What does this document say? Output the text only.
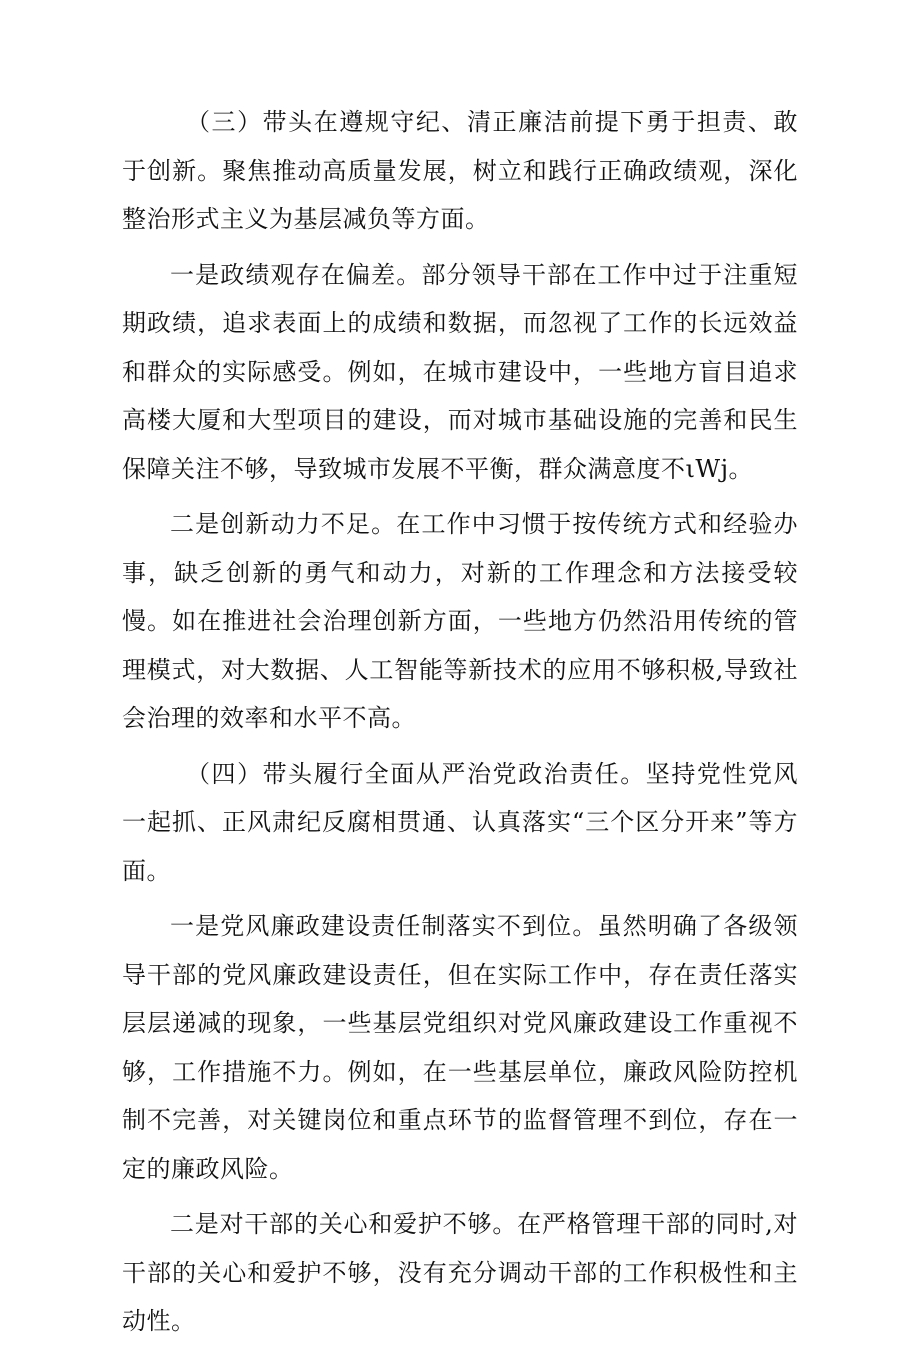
（三）带头在遵规守纪、清正廉洁前提下勇于担责、敢于创新。聚焦推动高质量发展，树立和践行正确政绩观，深化整治形式主义为基层减负等方面。

一是政绩观存在偏差。部分领导干部在工作中过于注重短期政绩，追求表面上的成绩和数据，而忽视了工作的长远效益和群众的实际感受。例如，在城市建设中，一些地方盲目追求高楼大厦和大型项目的建设，而对城市基础设施的完善和民生保障关注不够，导致城市发展不平衡，群众满意度不ιWj。

二是创新动力不足。在工作中习惯于按传统方式和经验办事，缺乏创新的勇气和动力，对新的工作理念和方法接受较慢。如在推进社会治理创新方面，一些地方仍然沿用传统的管理模式，对大数据、人工智能等新技术的应用不够积极,导致社会治理的效率和水平不高。

（四）带头履行全面从严治党政治责任。坚持党性党风一起抓、正风肃纪反腐相贯通、认真落实“三个区分开来”等方面。

一是党风廉政建设责任制落实不到位。虽然明确了各级领导干部的党风廉政建设责任，但在实际工作中，存在责任落实层层递减的现象，一些基层党组织对党风廉政建设工作重视不够，工作措施不力。例如，在一些基层单位，廉政风险防控机制不完善，对关键岗位和重点环节的监督管理不到位，存在一定的廉政风险。

二是对干部的关心和爱护不够。在严格管理干部的同时,对干部的关心和爱护不够，没有充分调动干部的工作积极性和主动性。
